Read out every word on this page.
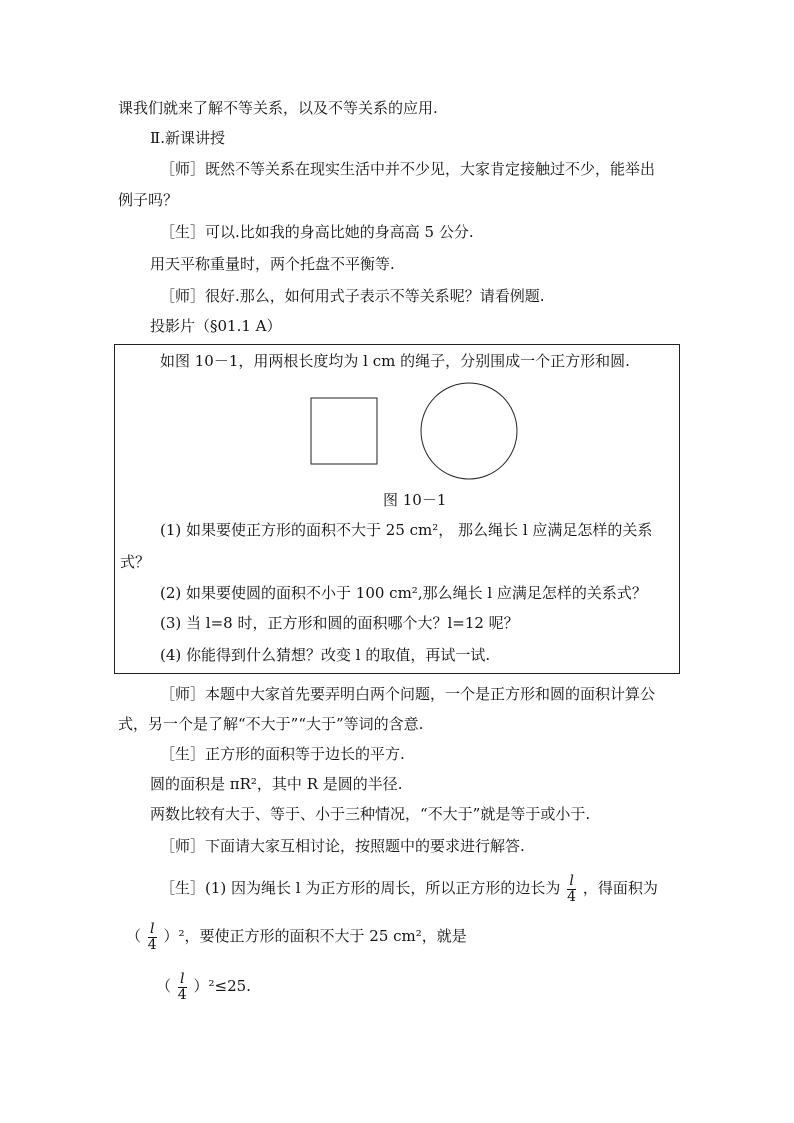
课我们就来了解不等关系，以及不等关系的应用.
Ⅱ.新课讲授
［师］既然不等关系在现实生活中并不少见，大家肯定接触过不少，能举出
例子吗？
［生］可以.比如我的身高比她的身高高 5 公分.
用天平称重量时，两个托盘不平衡等.
［师］很好.那么，如何用式子表示不等关系呢？请看例题.
投影片（§01.1 A）
如图 10－1，用两根长度均为 l cm 的绳子，分别围成一个正方形和圆.
图 10－1
(1) 如果要使正方形的面积不大于 25 cm²， 那么绳长 l 应满足怎样的关系
式？
(2) 如果要使圆的面积不小于 100 cm²,那么绳长 l 应满足怎样的关系式？
(3) 当 l=8 时，正方形和圆的面积哪个大？l=12 呢？
(4) 你能得到什么猜想？改变 l 的取值，再试一试.
［师］本题中大家首先要弄明白两个问题，一个是正方形和圆的面积计算公
式，另一个是了解“不大于”“大于”等词的含意.
［生］正方形的面积等于边长的平方.
圆的面积是 πR²，其中 R 是圆的半径.
两数比较有大于、等于、小于三种情况，“不大于”就是等于或小于.
［师］下面请大家互相讨论，按照题中的要求进行解答.
［生］(1) 因为绳长 l 为正方形的周长，所以正方形的边长为 $\frac{l}{4}$ ，得面积为
（ $\frac{l}{4} )^2$，要使正方形的面积不大于 25 cm²，就是
（ $\frac{l}{4} )^2\le 25$.
